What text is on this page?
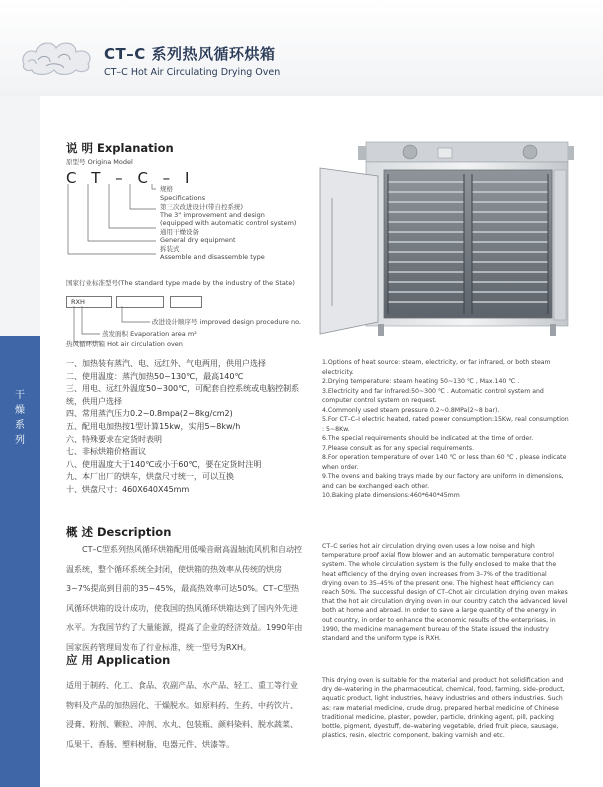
CT–C 系列热风循环烘箱
CT–C Hot Air Circulating Drying Oven
干燥系列
说 明 Explanation
原型号 Origina Model
C T – C – I
规格
Specifications
第三次改进设计(带自控系统)
The 3" improvement and design
(equipped with automatic control system)
通用干燥设备
General dry equipment
拆装式
Assemble and disassemble type
国家行业标准型号(The standard type made by the industry of the State)
RXH
改进设计顺序号 improved design procedure no.
蒸发面积 Evaporation area m²
热风循环烘箱 Hot air circulation oven
一、加热装有蒸汽、电、远红外、气电两用，供用户选择
二、使用温度：蒸汽加热50~130℃，最高140℃
三、用电、远红外温度50~300℃，可配套自控系统或电脑控制系
统，供用户选择
四、常用蒸汽压力0.2~0.8mpa(2~8kg/cm2)
五、配用电加热按1型计算15kw，实用5~8kw/h
六、特殊要求在定货时表明
七、非标烘箱价格面议
八、使用温度大于140℃或小于60℃，要在定货时注明
九、本厂出厂的烘车，烘盘尺寸统一，可以互换
十、烘盘尺寸：460X640X45mm
1.Options of heat source: steam, electricity, or far infrared, or both steam electricity.
2.Drying temperature: steam heating 50~130 ℃ , Max.140 ℃ .
3.Electricity and far infrared:50~300 ℃ . Automatic control system and computer control system on request.
4.Commonly used steam pressure 0.2~0.8MPa(2~8 bar).
5.For CT–C–I electric heated, rated power consumption:15Kw, real consumption : 5~8Kw.
6.The special requirements should be indicated at the time of order.
7.Please consult as for any special requirements.
8.For operation temperature of over 140 ℃ or less than 60 ℃ , please indicate when order.
9.The ovens and baking trays made by our factory are uniform in dimensions, and can be exchanged each other.
10.Baking plate dimensions:460*640*45mm
概 述 Description
CT–C型系列热风循环烘箱配用低噪音耐高温轴流风机和自动控温系统，整个循环系统全封闭，使烘箱的热效率从传统的烘房3~7%提高到目前的35~45%，最高热效率可达50%。CT–C型热风循环烘箱的设计成功，使我国的热风循环烘箱达到了国内外先进水平。为我国节约了大量能源，提高了企业的经济效益。1990年由国家医药管理局发布了行业标准，统一型号为RXH。
CT–C series hot air circulation drying oven uses a low noise and high temperature proof axial flow blower and an automatic temperature control system. The whole circulation system is the fully enclosed to make that the heat efficiency of the drying oven increases from 3–7% of the traditional drying oven to 35–45% of the present one. The highest heat efficiency can reach 50%. The successful design of CT–Chot air circulation drying oven makes that the hot air circulation drying oven in our country catch the advanced level both at home and abroad. In order to save a large quantity of the energy in out country, in order to enhance the economic results of the enterprises, in 1990, the medicine management bureau of the State issued the industry standard and the uniform type is RXH.
应 用 Application
适用于制药、化工、食品、农副产品、水产品、轻工、重工等行业物料及产品的加热固化、干燥脱水。如原料药、生药、中药饮片、浸膏、粉剂、颗粒、冲剂、水丸、包装瓶、颜料染料、脱水蔬菜、瓜果干、香肠、塑料树脂、电器元件、烘漆等。
This drying oven is suitable for the material and product hot solidification and dry de–watering in the pharmaceutical, chemical, food, farming, side–product, aquatic product, light industries, heavy industries and others industries. Such as: raw material medicine, crude drug, prepared herbal medicine of Chinese traditional medicine, plaster, powder, particle, drinking agent, pill, packing bottle, pigment, dyestuff, de–watering vegetable, dried fruit piece, sausage, plastics, resin, electric component, baking varnish and etc.
